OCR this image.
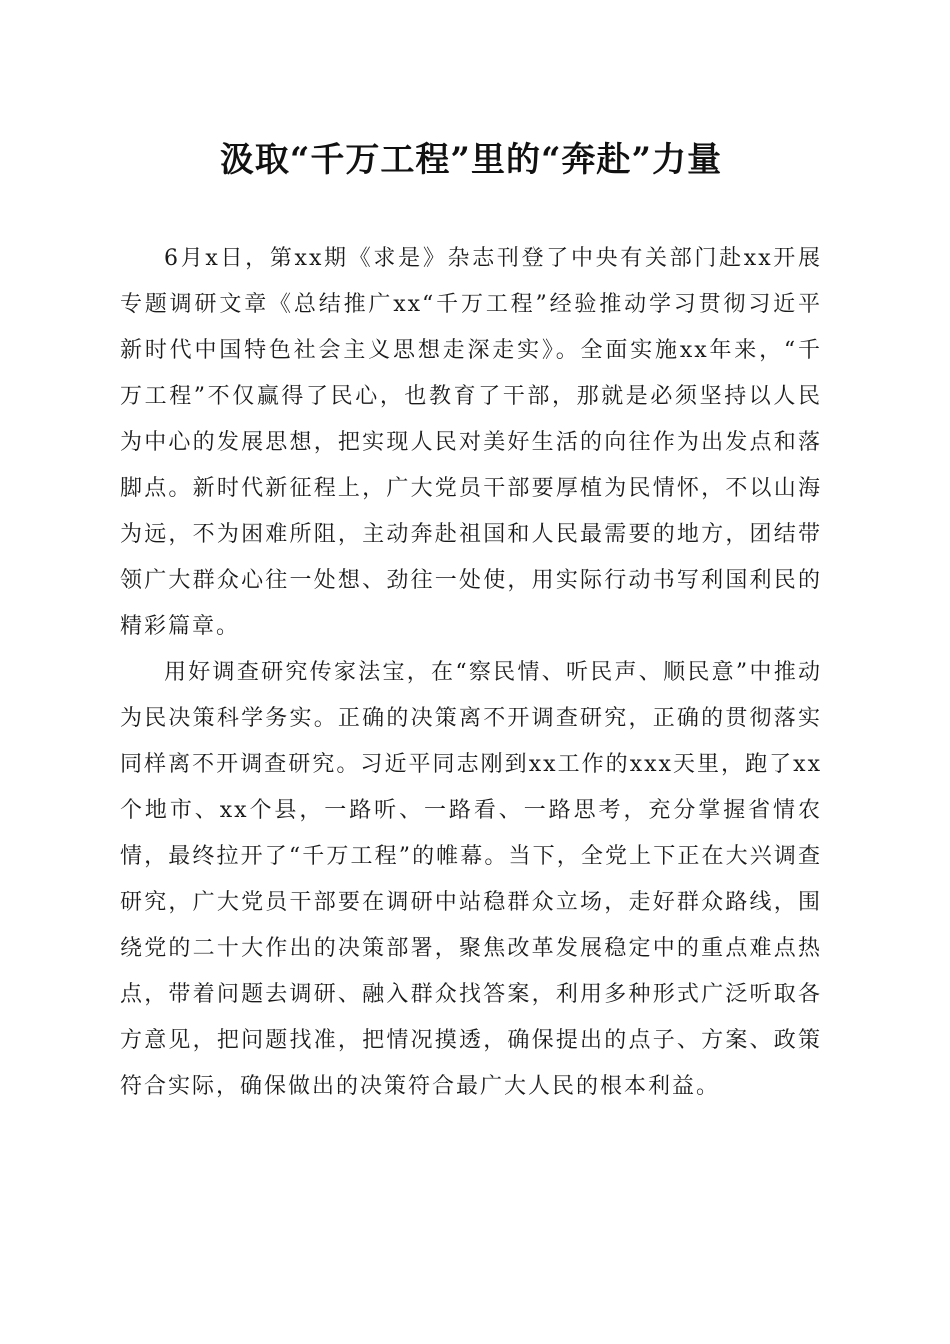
汲取“千万工程”里的“奔赴”力量

6月x日，第xx期《求是》杂志刊登了中央有关部门赴xx开展专题调研文章《总结推广xx“千万工程”经验推动学习贯彻习近平新时代中国特色社会主义思想走深走实》。全面实施xx年来，“千万工程”不仅赢得了民心，也教育了干部，那就是必须坚持以人民为中心的发展思想，把实现人民对美好生活的向往作为出发点和落脚点。新时代新征程上，广大党员干部要厚植为民情怀，不以山海为远，不为困难所阻，主动奔赴祖国和人民最需要的地方，团结带领广大群众心往一处想、劲往一处使，用实际行动书写利国利民的精彩篇章。

用好调查研究传家法宝，在“察民情、听民声、顺民意”中推动为民决策科学务实。正确的决策离不开调查研究，正确的贯彻落实同样离不开调查研究。习近平同志刚到xx工作的xxx天里，跑了xx个地市、xx个县，一路听、一路看、一路思考，充分掌握省情农情，最终拉开了“千万工程”的帷幕。当下，全党上下正在大兴调查研究，广大党员干部要在调研中站稳群众立场，走好群众路线，围绕党的二十大作出的决策部署，聚焦改革发展稳定中的重点难点热点，带着问题去调研、融入群众找答案，利用多种形式广泛听取各方意见，把问题找准，把情况摸透，确保提出的点子、方案、政策符合实际，确保做出的决策符合最广大人民的根本利益。
